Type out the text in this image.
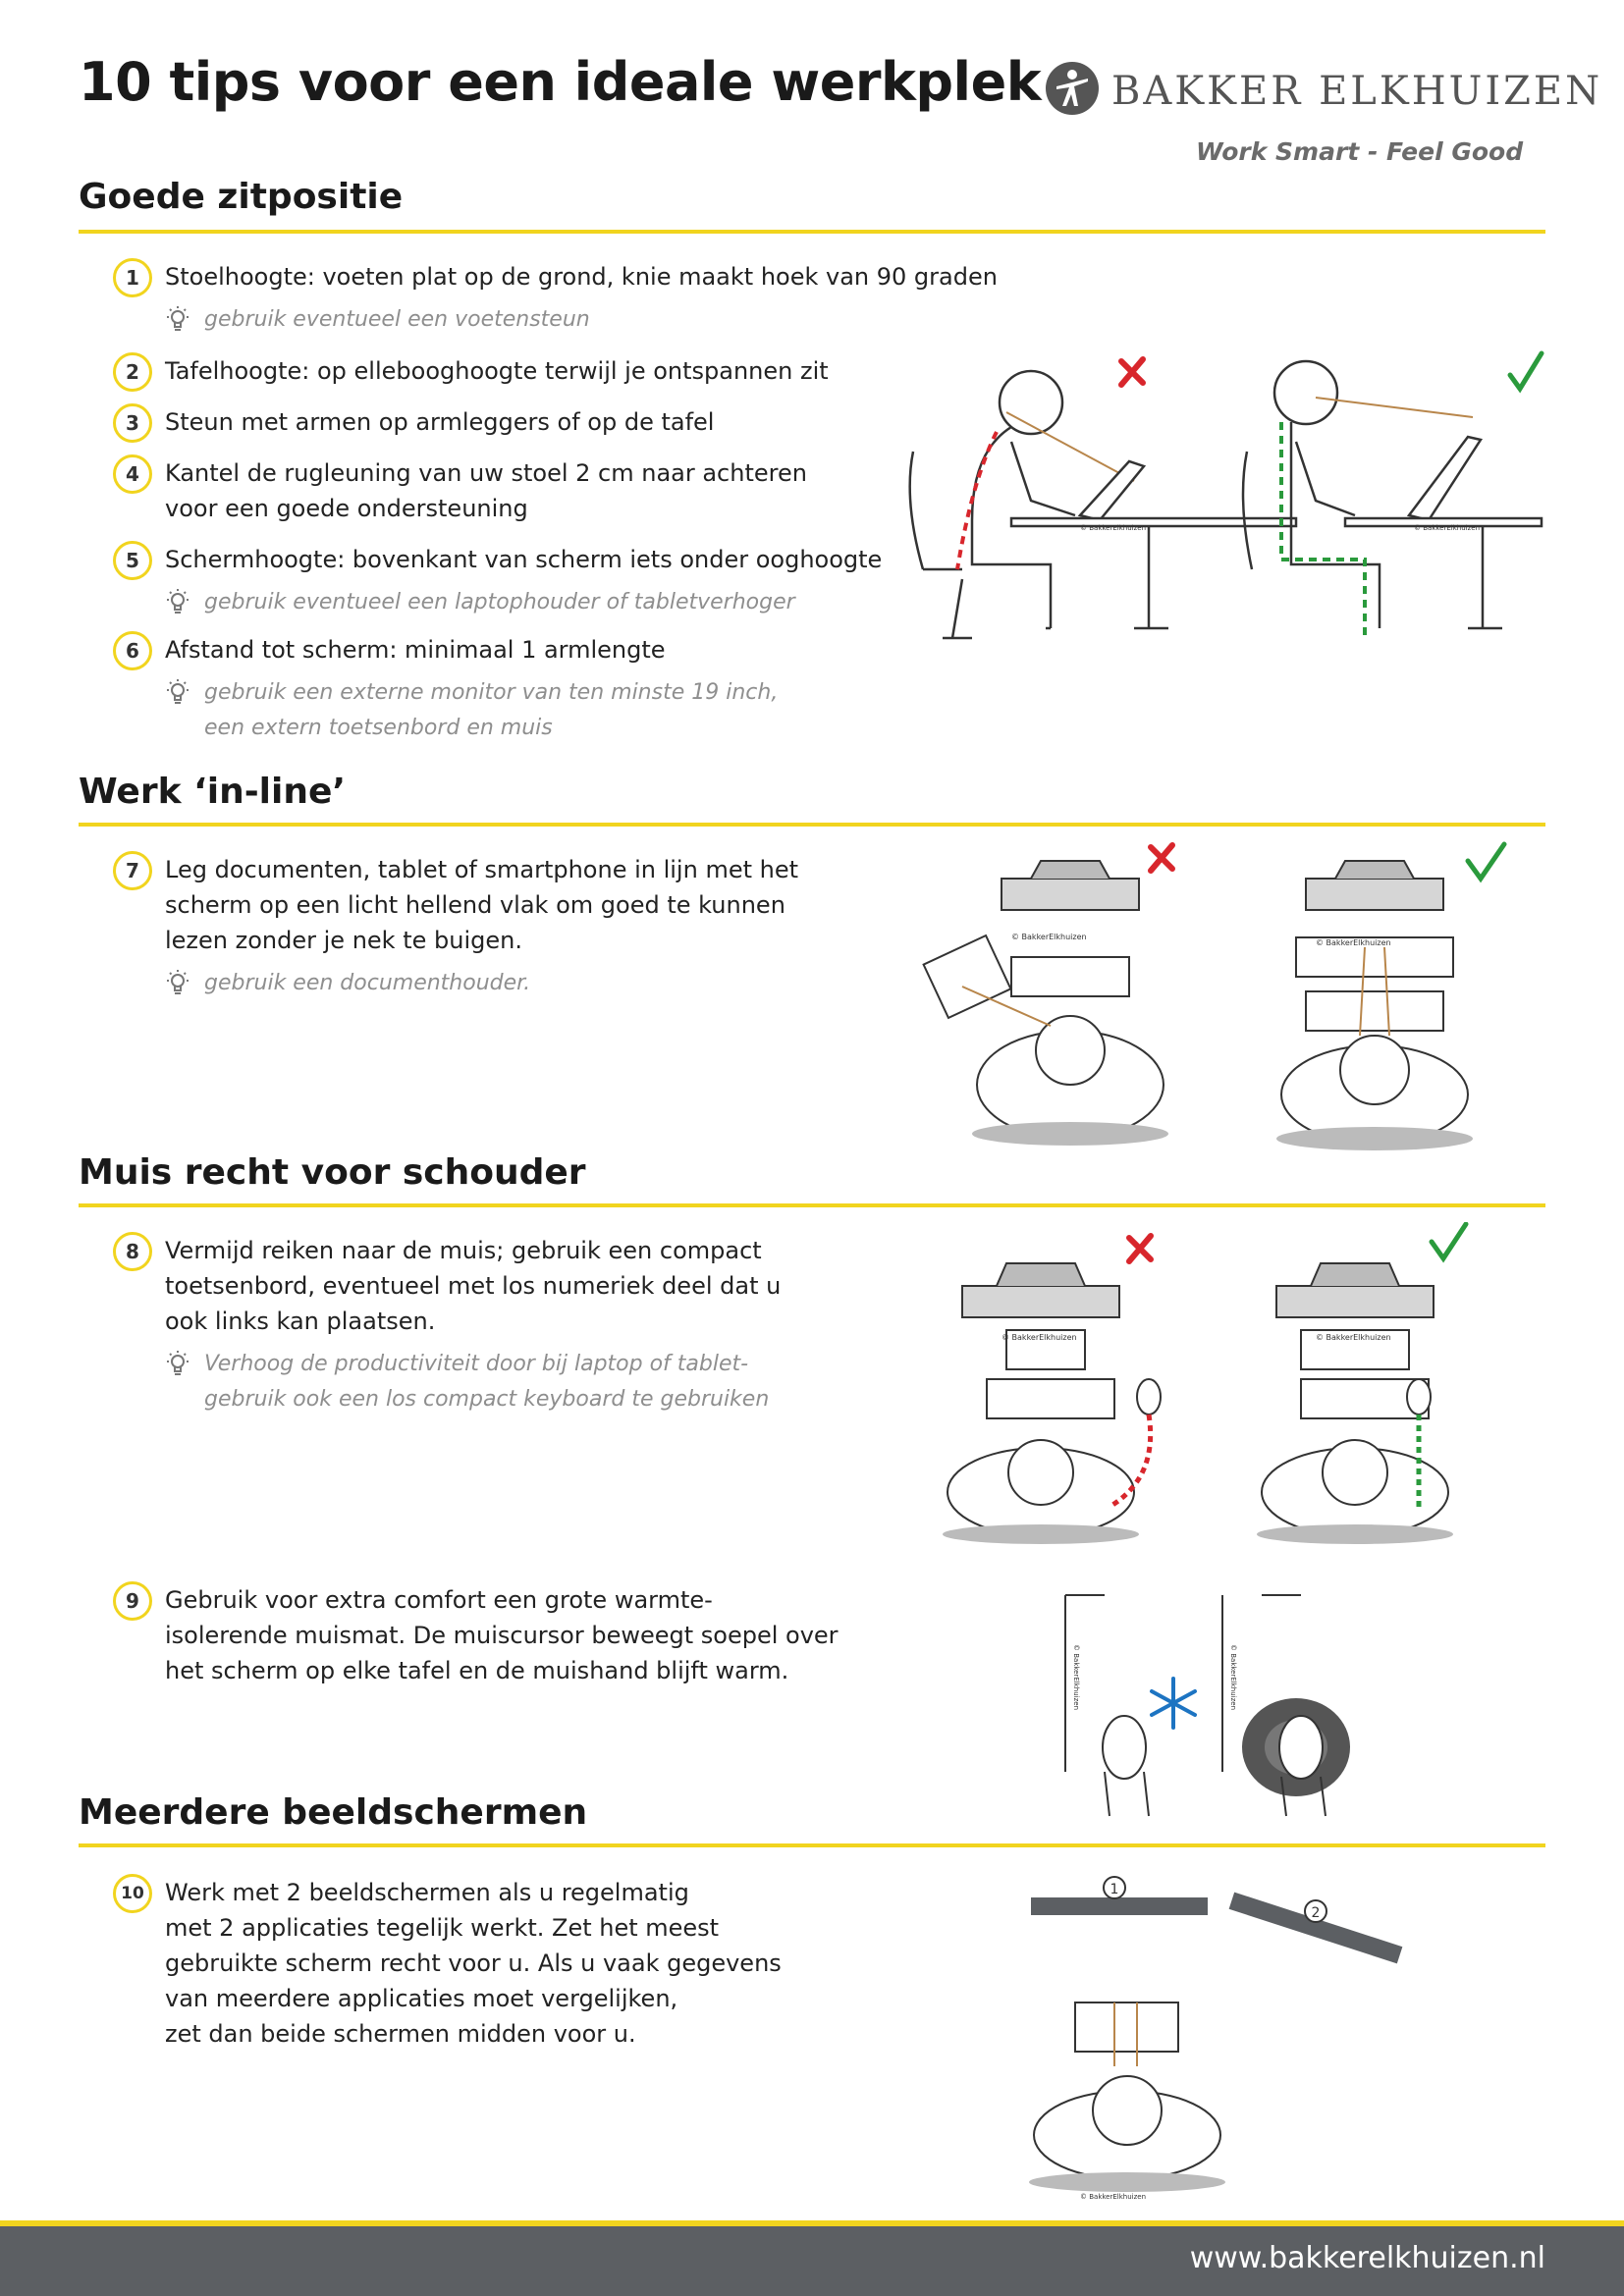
10 tips voor een ideale werkplek BAKKER ELKHUIZEN
Work Smart - Feel Good
Goede zitpositie
Werk ‘in-line’
Muis recht voor schouder
Meerdere beeldschermen
1	Stoelhoogte: voeten plat op de grond, knie maakt hoek van 90 graden
gebruik eventueel een voetensteun
2	Tafelhoogte: op ellebooghoogte terwijl je ontspannen zit
3	Steun met armen op armleggers of op de tafel
4	Kantel de rugleuning van uw stoel 2 cm naar achteren
voor een goede ondersteuning
5	Schermhoogte: bovenkant van scherm iets onder ooghoogte
gebruik eventueel een laptophouder of tabletverhoger
6	Afstand tot scherm: minimaal 1 armlengte
gebruik een externe monitor van ten minste 19 inch,
een extern toetsenbord en muis
7	Leg documenten, tablet of smartphone in lijn met het
scherm op een licht hellend vlak om goed te kunnen
lezen zonder je nek te buigen.
gebruik een documenthouder.
8	Vermijd reiken naar de muis; gebruik een compact
toetsenbord, eventueel met los numeriek deel dat u
ook links kan plaatsen.
Verhoog de productiviteit door bij laptop of tablet-
gebruik ook een los compact keyboard te gebruiken
9	Gebruik voor extra comfort een grote warmte-
isolerende muismat. De muiscursor beweegt soepel over
het scherm op elke tafel en de muishand blijft warm.
10 Werk met 2 beeldschermen als u regelmatig
met 2 applicaties tegelijk werkt. Zet het meest
gebruikte scherm recht voor u. Als u vaak gegevens
van meerdere applicaties moet vergelijken,
zet dan beide schermen midden voor u.
© BakkerElkhuizen	© BakkerElkhuizen
© BakkerElkhuizen
© BakkerElkhuizen
© BakkerElkhuizen	© BakkerElkhuizen
© BakkerElkhuizen	© BakkerElkhuizen
1
2
© BakkerElkhuizen
www.bakkerelkhuizen.nl
